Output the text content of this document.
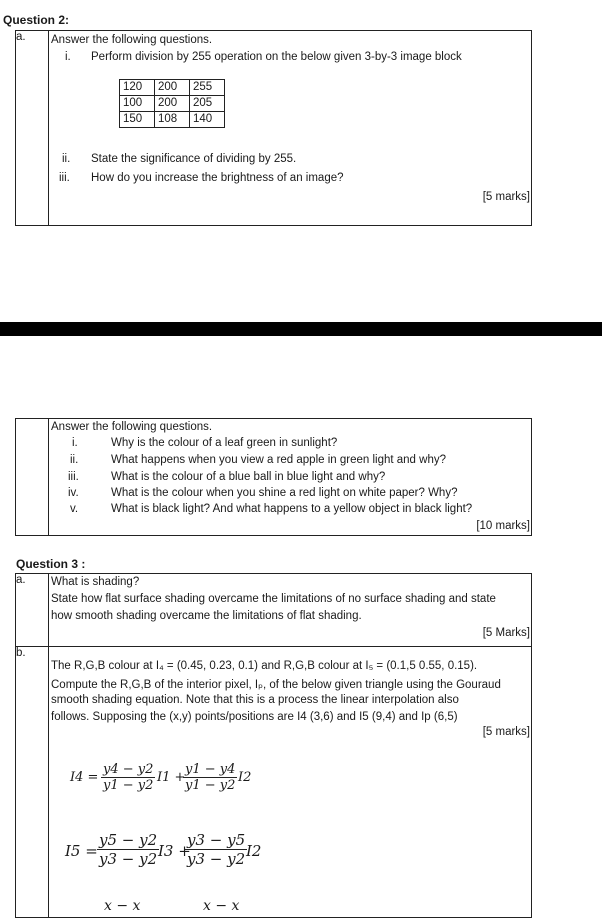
Question 2:
a. Answer the following questions.
i. Perform division by 255 operation on the below given 3-by-3 image block
120	200	255
100	200	205
150	108	140
ii. State the significance of dividing by 255.
iii. How do you increase the brightness of an image?
[5 marks]
Answer the following questions.
i.	Why is the colour of a leaf green in sunlight?
ii.	What happens when you view a red apple in green light and why?
iii.	What is the colour of a blue ball in blue light and why?
iv.	What is the colour when you shine a red light on white paper? Why?
v.	What is black light? And what happens to a yellow object in black light?
[10 marks]
Question 3 :
a. What is shading?
State how flat surface shading overcame the limitations of no surface shading and state
how smooth shading overcame the limitations of flat shading.
[5 Marks]
b.
The R,G,B colour at I₄ = (0.45, 0.23, 0.1) and R,G,B colour at I₅ = (0.1,5 0.55, 0.15).
Compute the R,G,B of the interior pixel, Iₚ, of the below given triangle using the Gouraud
smooth shading equation. Note that this is a process the linear interpolation also
follows. Supposing the (x,y) points/positions are I4 (3,6) and I5 (9,4) and Ip (6,5)
[5 marks]
$I4 = \frac{y4 - y2}{y1 - y2} I1$ +
$\frac{y1 - y4}{y1 - y2} I2$
$I5 = \frac{y5 - y2}{y3 - y2}$
I3 +
$\frac{y3 - y5}{y3 - y2}$
I2
x − x	x − x
